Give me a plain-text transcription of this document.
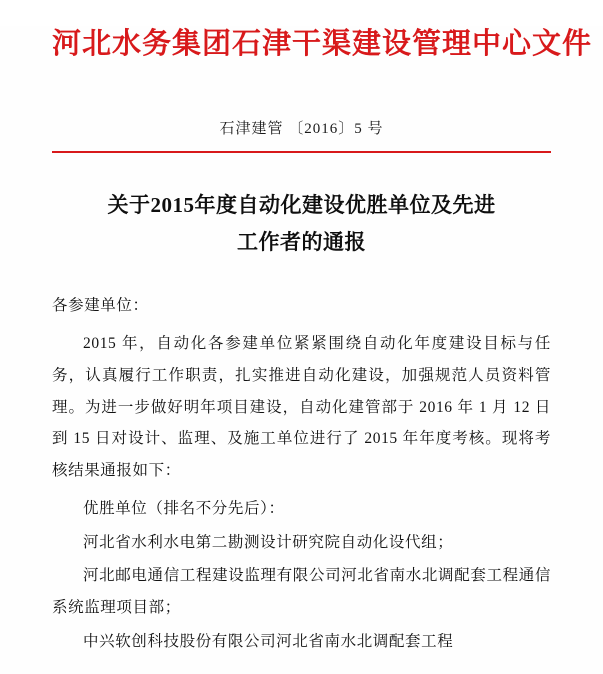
河北水务集团石津干渠建设管理中心文件
石津建管 〔2016〕5 号
关于2015年度自动化建设优胜单位及先进
工作者的通报

各参建单位：

2015 年，自动化各参建单位紧紧围绕自动化年度建设目标与任务，认真履行工作职责，扎实推进自动化建设，加强规范人员资料管理。为进一步做好明年项目建设，自动化建管部于 2016 年 1 月 12 日到 15 日对设计、监理、及施工单位进行了 2015 年年度考核。现将考核结果通报如下：

优胜单位（排名不分先后）：

河北省水利水电第二勘测设计研究院自动化设代组；

河北邮电通信工程建设监理有限公司河北省南水北调配套工程通信系统监理项目部；

中兴软创科技股份有限公司河北省南水北调配套工程
